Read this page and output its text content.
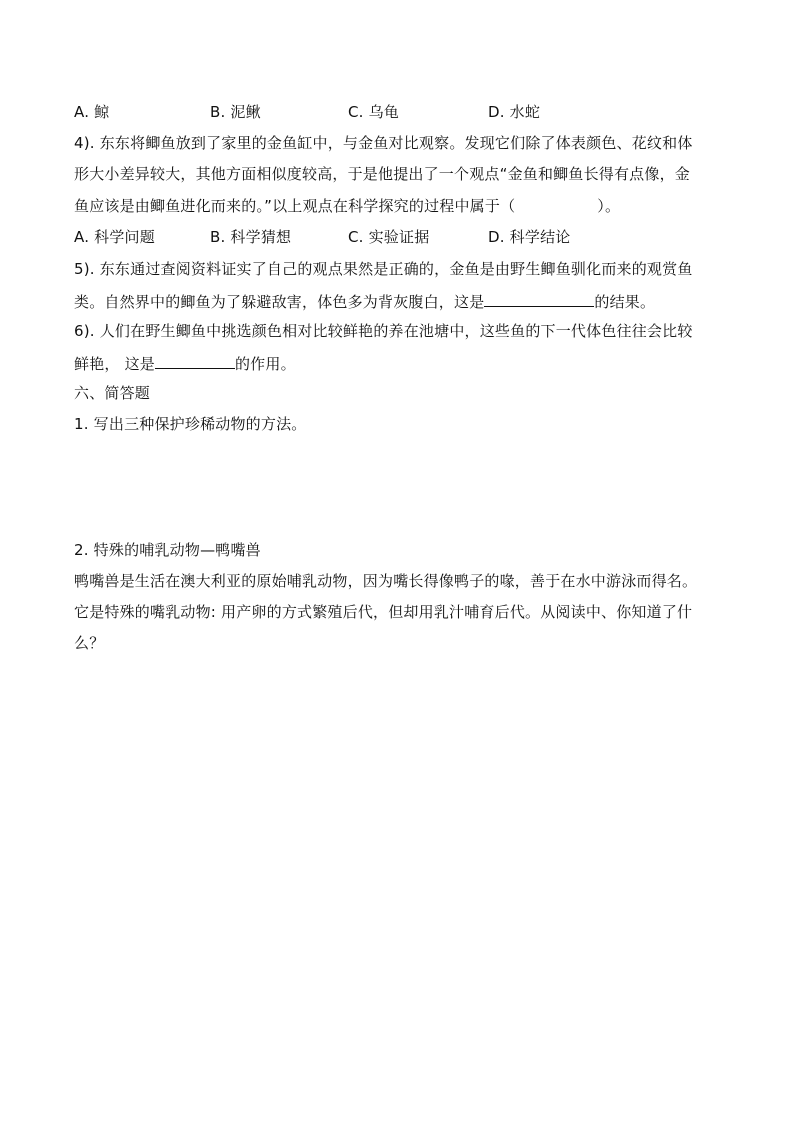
A. 鲸	B. 泥鳅	C. 乌龟	D. 水蛇
4). 东东将鲫鱼放到了家里的金鱼缸中，与金鱼对比观察。发现它们除了体表颜色、花纹和体
形大小差异较大，其他方面相似度较高，于是他提出了一个观点“金鱼和鲫鱼长得有点像，金
鱼应该是由鲫鱼进化而来的。”以上观点在科学探究的过程中属于（	）。
A. 科学问题	B. 科学猜想	C. 实验证据	D. 科学结论
5). 东东通过查阅资料证实了自己的观点果然是正确的，金鱼是由野生鲫鱼驯化而来的观赏鱼
类。自然界中的鲫鱼为了躲避敌害，体色多为背灰腹白，这是	的结果。
6). 人们在野生鲫鱼中挑选颜色相对比较鲜艳的养在池塘中，这些鱼的下一代体色往往会比较
鲜艳， 这是	的作用。
六、简答题
1. 写出三种保护珍稀动物的方法。
2. 特殊的哺乳动物—鸭嘴兽
鸭嘴兽是生活在澳大利亚的原始哺乳动物，因为嘴长得像鸭子的喙，善于在水中游泳而得名。
它是特殊的嘴乳动物: 用产卵的方式繁殖后代，但却用乳汁哺育后代。从阅读中、你知道了什
么？
